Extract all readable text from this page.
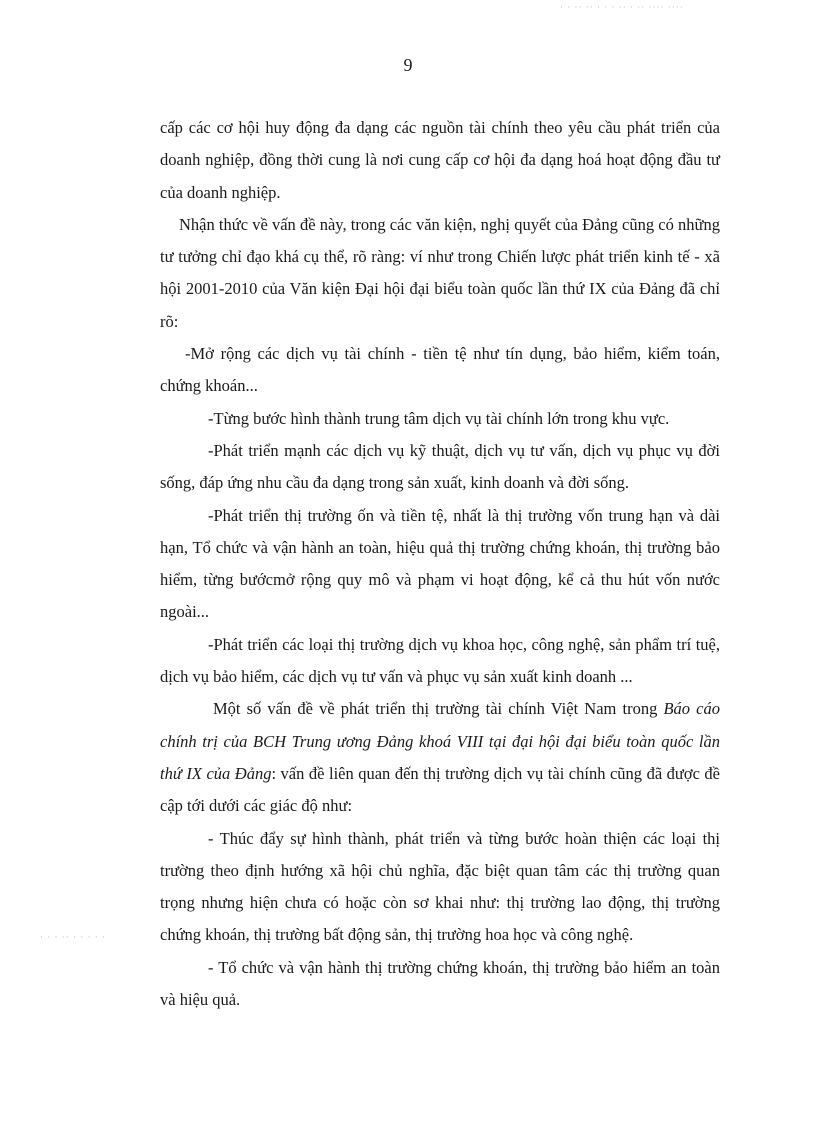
· · ·· ·· · · · ·· · ·· ···· ····
· · · ·· · · · · ·
9

cấp các cơ hội huy động đa dạng các nguồn tài chính theo yêu cầu phát triển của doanh nghiệp, đồng thời cung là nơi cung cấp cơ hội đa dạng hoá hoạt động đầu tư của doanh nghiệp.

Nhận thức về vấn đề này, trong các văn kiện, nghị quyết của Đảng cũng có những tư tưởng chỉ đạo khá cụ thể, rõ ràng: ví như trong Chiến lược phát triển kinh tế - xã hội 2001-2010 của Văn kiện Đại hội đại biểu toàn quốc lần thứ IX của Đảng đã chỉ rõ:

-Mở rộng các dịch vụ tài chính - tiền tệ như tín dụng, bảo hiểm, kiểm toán, chứng khoán...

-Từng bước hình thành trung tâm dịch vụ tài chính lớn trong khu vực.

-Phát triển mạnh các dịch vụ kỹ thuật, dịch vụ tư vấn, dịch vụ phục vụ đời sống, đáp ứng nhu cầu đa dạng trong sản xuất, kinh doanh và đời sống.

-Phát triển thị trường ốn và tiền tệ, nhất là thị trường vốn trung hạn và dài hạn, Tổ chức và vận hành an toàn, hiệu quả thị trường chứng khoán, thị trường bảo hiểm, từng bướcmở rộng quy mô và phạm vi hoạt động, kể cả thu hút vốn nước ngoài...

-Phát triển các loại thị trường dịch vụ khoa học, công nghệ, sản phẩm trí tuệ, dịch vụ bảo hiểm, các dịch vụ tư vấn và phục vụ sản xuất kinh doanh ...

Một số vấn đề về phát triển thị trường tài chính Việt Nam trong Báo cáo chính trị của BCH Trung ương Đảng khoá VIII tại đại hội đại biểu toàn quốc lần thứ IX của Đảng: vấn đề liên quan đến thị trường dịch vụ tài chính cũng đã được đề cập tới dưới các giác độ như:

- Thúc đẩy sự hình thành, phát triển và từng bước hoàn thiện các loại thị trường theo định hướng xã hội chủ nghĩa, đặc biệt quan tâm các thị trường quan trọng nhưng hiện chưa có hoặc còn sơ khai như: thị trường lao động, thị trường chứng khoán, thị trường bất động sản, thị trường hoa học và công nghệ.

- Tổ chức và vận hành thị trường chứng khoán, thị trường bảo hiểm an toàn và hiệu quả.
